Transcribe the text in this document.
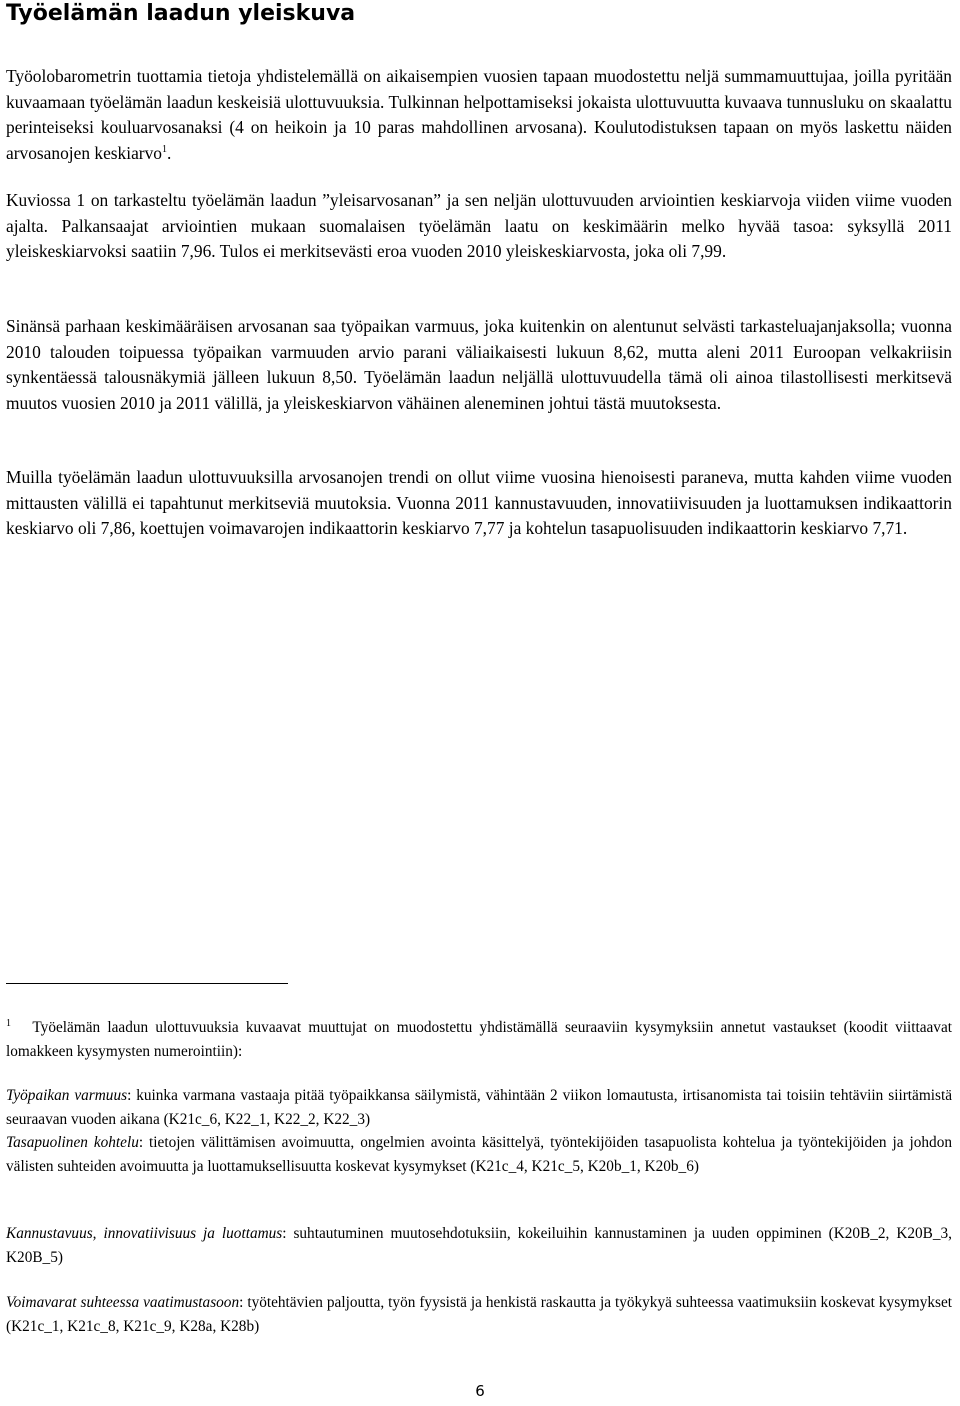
Työelämän laadun yleiskuva

Työolobarometrin tuottamia tietoja yhdistelemällä on aikaisempien vuosien tapaan muodostettu neljä summamuuttujaa, joilla pyritään kuvaamaan työelämän laadun keskeisiä ulottuvuuksia. Tulkinnan helpottamiseksi jokaista ulottuvuutta kuvaava tunnusluku on skaalattu perinteiseksi kouluarvosanaksi (4 on heikoin ja 10 paras mahdollinen arvosana). Koulutodistuksen tapaan on myös laskettu näiden arvosanojen keskiarvo$^1$.

Kuviossa 1 on tarkasteltu työelämän laadun ”yleisarvosanan” ja sen neljän ulottuvuuden arviointien keskiarvoja viiden viime vuoden ajalta. Palkansaajat arviointien mukaan suomalaisen työelämän laatu on keskimäärin melko hyvää tasoa: syksyllä 2011 yleiskeskiarvoksi saatiin 7,96. Tulos ei merkitsevästi eroa vuoden 2010 yleiskeskiarvosta, joka oli 7,99.

Sinänsä parhaan keskimääräisen arvosanan saa työpaikan varmuus, joka kuitenkin on alentunut selvästi tarkasteluajanjaksolla; vuonna 2010 talouden toipuessa työpaikan varmuuden arvio parani väliaikaisesti lukuun 8,62, mutta aleni 2011 Euroopan velkakriisin synkentäessä talousnäkymiä jälleen lukuun 8,50. Työelämän laadun neljällä ulottuvuudella tämä oli ainoa tilastollisesti merkitsevä muutos vuosien 2010 ja 2011 välillä, ja yleiskeskiarvon vähäinen aleneminen johtui tästä muutoksesta.

Muilla työelämän laadun ulottuvuuksilla arvosanojen trendi on ollut viime vuosina hienoisesti paraneva, mutta kahden viime vuoden mittausten välillä ei tapahtunut merkitseviä muutoksia. Vuonna 2011 kannustavuuden, innovatiivisuuden ja luottamuksen indikaattorin keskiarvo oli 7,86, koettujen voimavarojen indikaattorin keskiarvo 7,77 ja kohtelun tasapuolisuuden indikaattorin keskiarvo 7,71.

$^1$ Työelämän laadun ulottuvuuksia kuvaavat muuttujat on muodostettu yhdistämällä seuraaviin kysymyksiin annetut vastaukset (koodit viittaavat lomakkeen kysymysten numerointiin):

Työpaikan varmuus: kuinka varmana vastaaja pitää työpaikkansa säilymistä, vähintään 2 viikon lomautusta, irtisanomista tai toisiin tehtäviin siirtämistä seuraavan vuoden aikana (K21c_6, K22_1, K22_2, K22_3)
Tasapuolinen kohtelu: tietojen välittämisen avoimuutta, ongelmien avointa käsittelyä, työntekijöiden tasapuolista kohtelua ja työntekijöiden ja johdon välisten suhteiden avoimuutta ja luottamuksellisuutta koskevat kysymykset (K21c_4, K21c_5, K20b_1, K20b_6)
Kannustavuus, innovatiivisuus ja luottamus: suhtautuminen muutosehdotuksiin, kokeiluihin kannustaminen ja uuden oppiminen (K20B_2, K20B_3, K20B_5)
Voimavarat suhteessa vaatimustasoon: työtehtävien paljoutta, työn fyysistä ja henkistä raskautta ja työkykyä suhteessa vaatimuksiin koskevat kysymykset (K21c_1, K21c_8, K21c_9, K28a, K28b)
6
